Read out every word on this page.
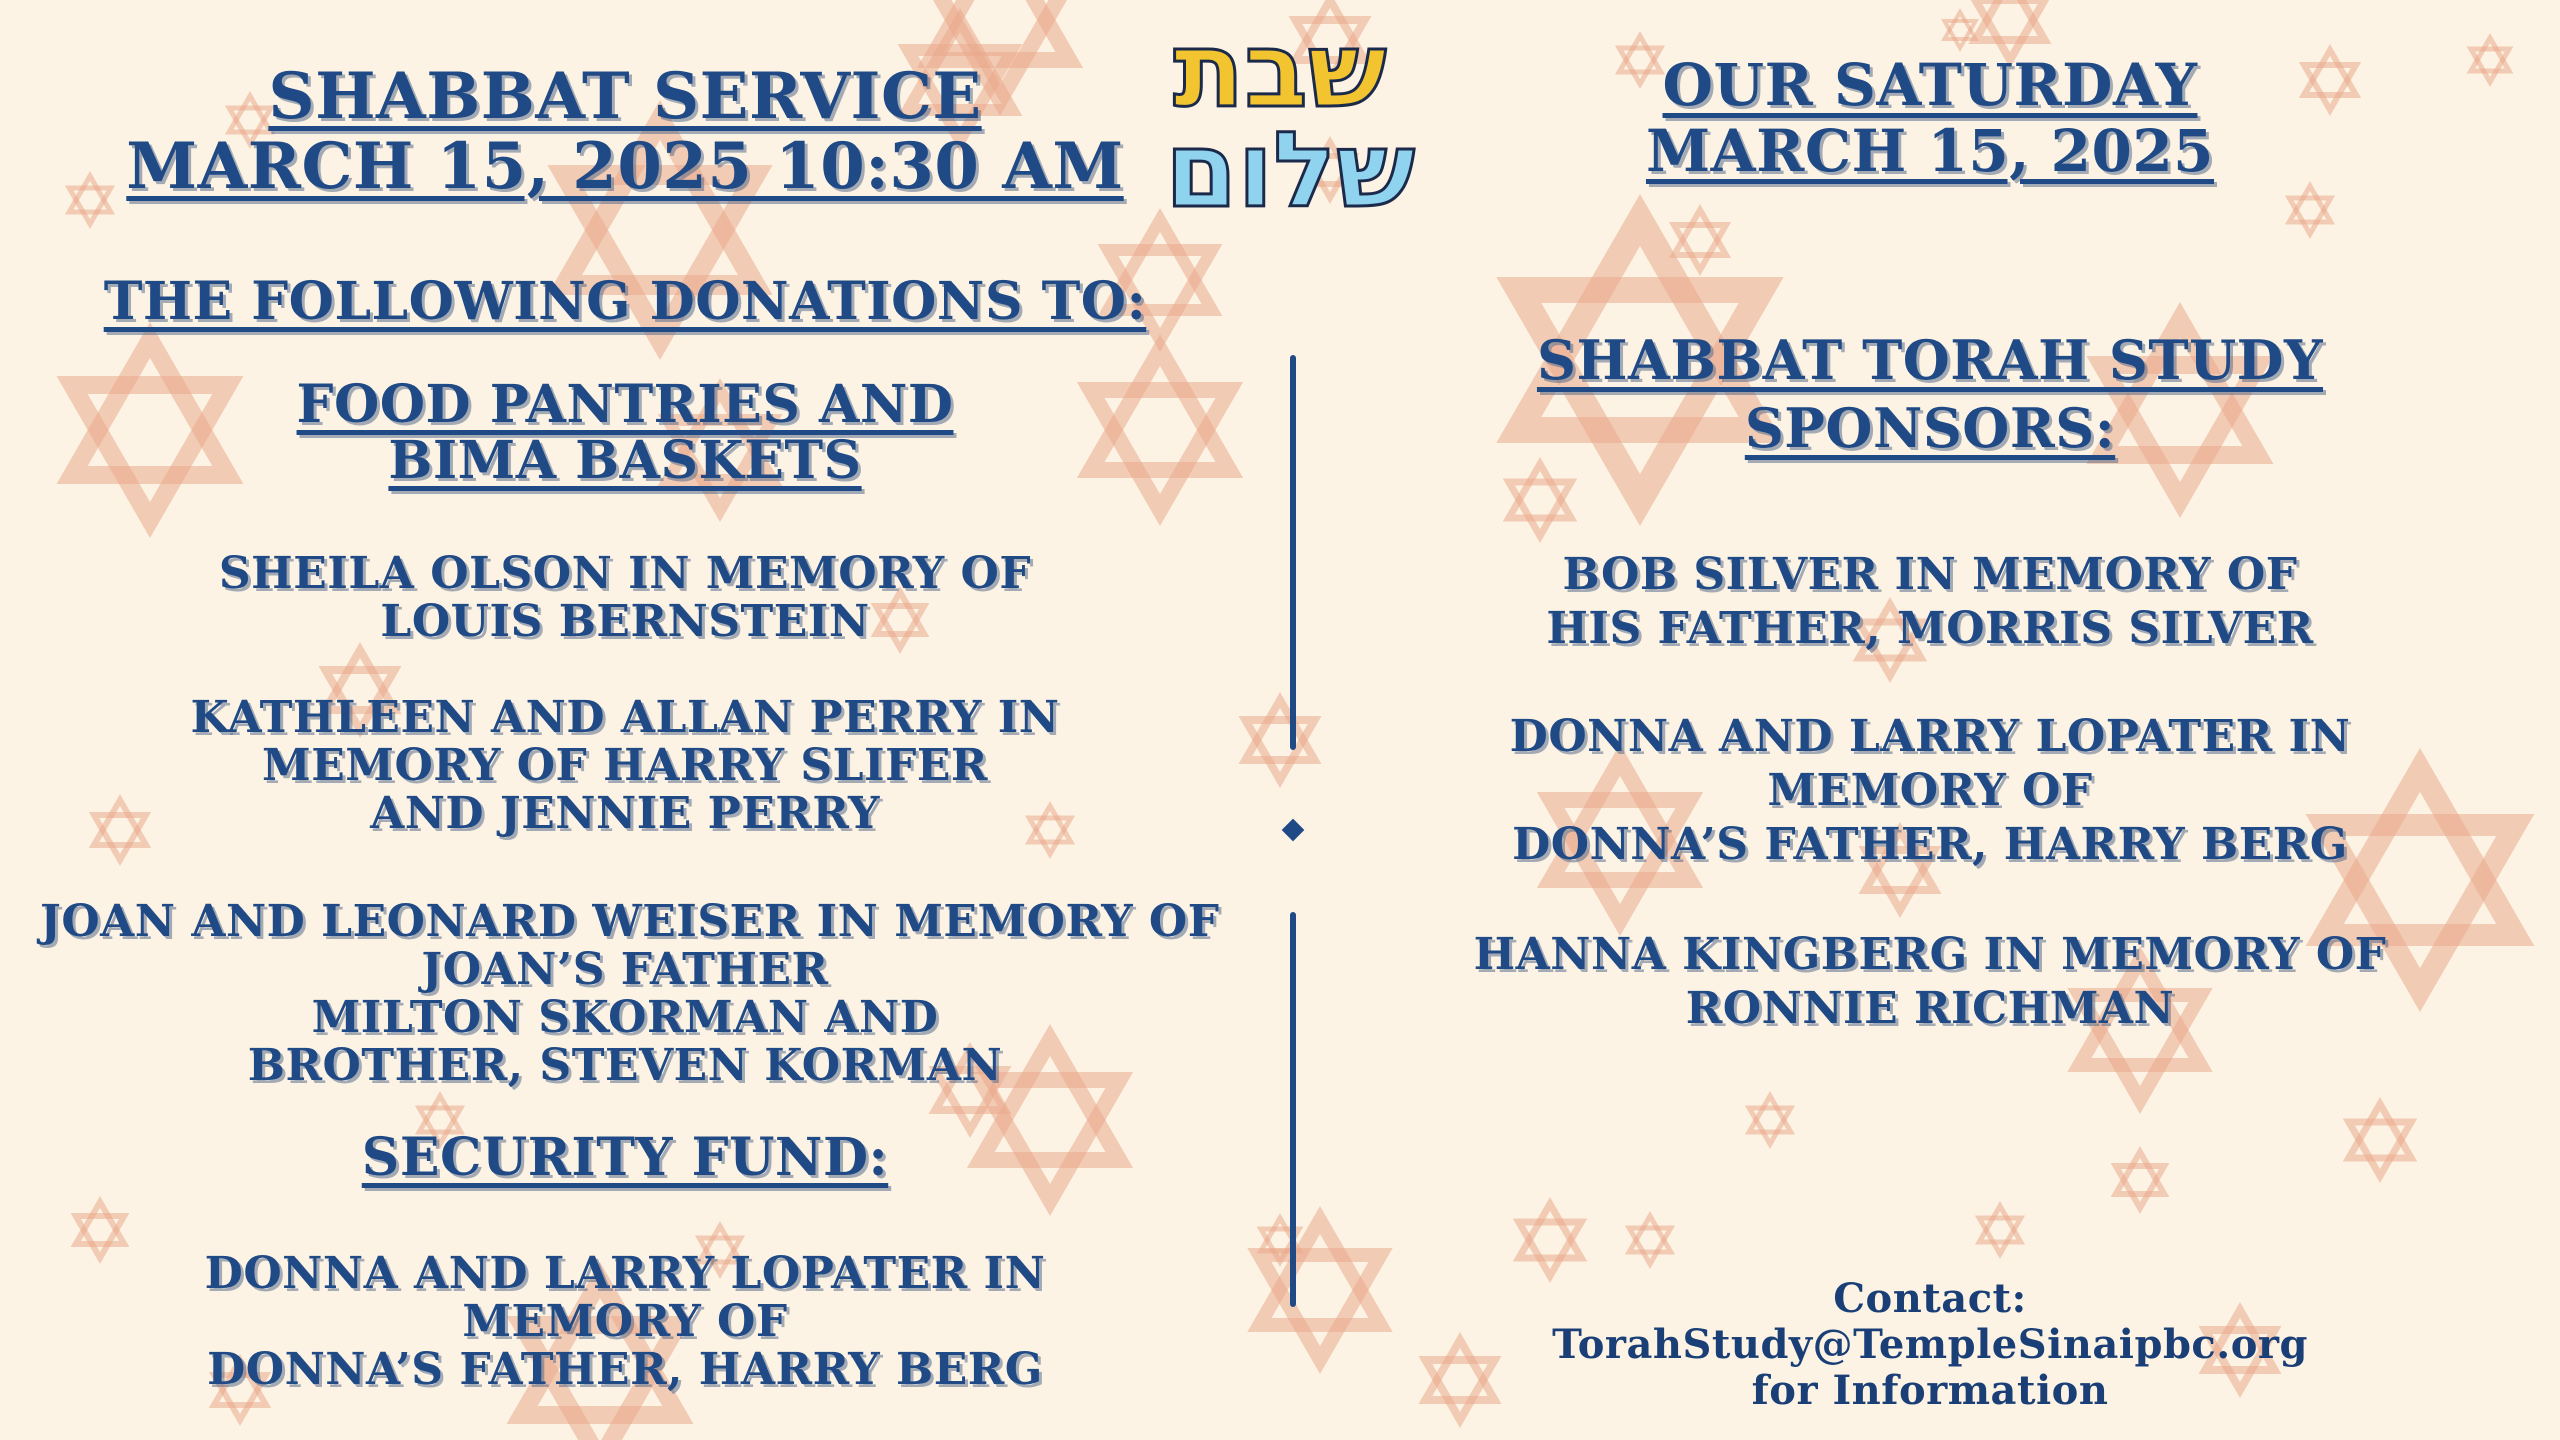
שבת
שלום
SHABBAT SERVICE
MARCH 15, 2025 10:30 AM
THE FOLLOWING DONATIONS TO:
FOOD PANTRIES AND
BIMA BASKETS
SHEILA OLSON IN MEMORY OF
LOUIS BERNSTEIN
KATHLEEN AND ALLAN PERRY IN
MEMORY OF HARRY SLIFER
AND JENNIE PERRY
JOAN AND LEONARD WEISER IN MEMORY OF
JOAN’S FATHER
MILTON SKORMAN AND
BROTHER, STEVEN KORMAN
SECURITY FUND:
DONNA AND LARRY LOPATER IN
MEMORY OF
DONNA’S FATHER, HARRY BERG
OUR SATURDAY
MARCH 15, 2025
SHABBAT TORAH STUDY
SPONSORS:
BOB SILVER IN MEMORY OF
HIS FATHER, MORRIS SILVER
DONNA AND LARRY LOPATER IN
MEMORY OF
DONNA’S FATHER, HARRY BERG
HANNA KINGBERG IN MEMORY OF
RONNIE RICHMAN
Contact:
TorahStudy@TempleSinaipbc.org
for Information
